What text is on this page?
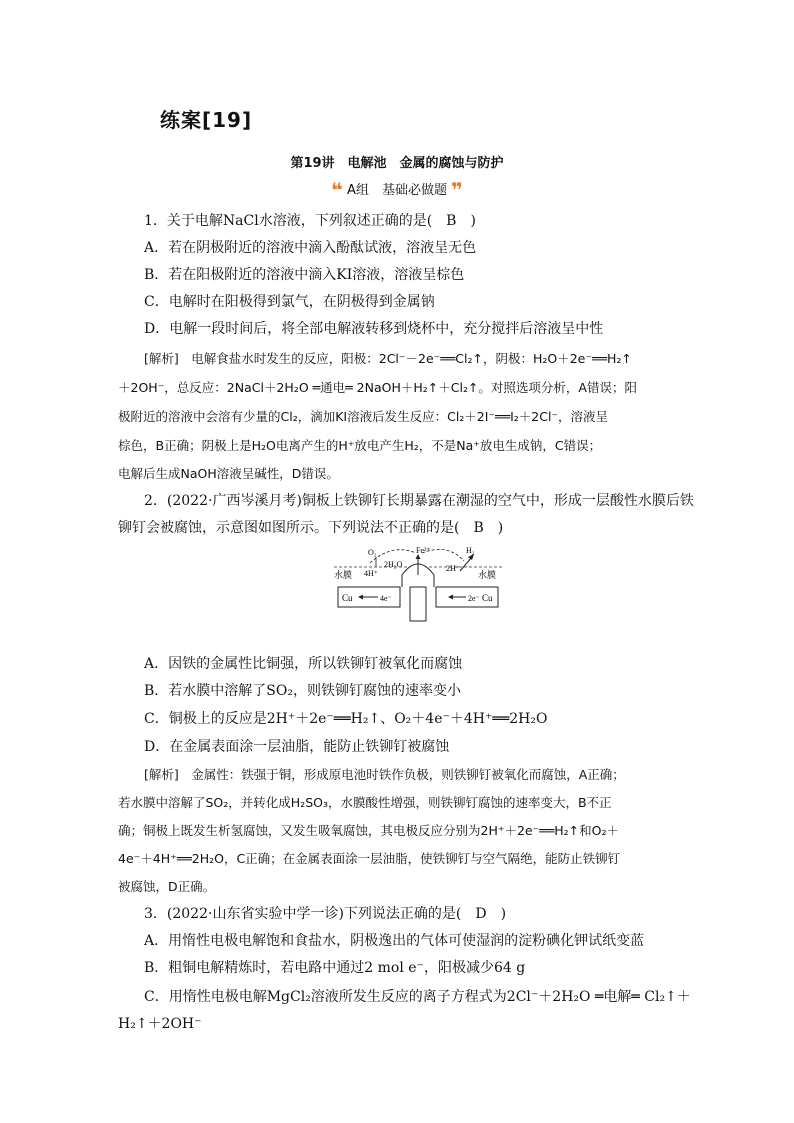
练案[19]
第19讲　电解池　金属的腐蚀与防护
❝ A组　基础必做题 ❞
1．关于电解NaCl水溶液，下列叙述正确的是(　B　)
A．若在阴极附近的溶液中滴入酚酞试液，溶液呈无色
B．若在阳极附近的溶液中滴入KI溶液，溶液呈棕色
C．电解时在阳极得到氯气，在阴极得到金属钠
D．电解一段时间后，将全部电解液转移到烧杯中，充分搅拌后溶液呈中性
[解析]　电解食盐水时发生的反应，阳极：2Cl⁻－2e⁻══Cl₂↑，阴极：H₂O＋2e⁻══H₂↑
＋2OH⁻，总反应：2NaCl＋2H₂O ═通电═ 2NaOH＋H₂↑＋Cl₂↑。对照选项分析，A错误；阳
极附近的溶液中会溶有少量的Cl₂，滴加KI溶液后发生反应：Cl₂＋2I⁻══I₂＋2Cl⁻，溶液呈
棕色，B正确；阴极上是H₂O电离产生的H⁺放电产生H₂，不是Na⁺放电生成钠，C错误；
电解后生成NaOH溶液呈碱性，D错误。
2．(2022·广西岑溪月考)铜板上铁铆钉长期暴露在潮湿的空气中，形成一层酸性水膜后铁
铆钉会被腐蚀，示意图如图所示。下列说法不正确的是(　B　)
O₂
4H⁺
2H₂O
Fe²⁺
2H⁺
H₂
水膜	水膜
Cu	4e⁻	2e⁻ Cu
A．因铁的金属性比铜强，所以铁铆钉被氧化而腐蚀
B．若水膜中溶解了SO₂，则铁铆钉腐蚀的速率变小
C．铜极上的反应是2H⁺＋2e⁻══H₂↑、O₂＋4e⁻＋4H⁺══2H₂O
D．在金属表面涂一层油脂，能防止铁铆钉被腐蚀
[解析]　金属性：铁强于铜，形成原电池时铁作负极，则铁铆钉被氧化而腐蚀，A正确；
若水膜中溶解了SO₂，并转化成H₂SO₃，水膜酸性增强，则铁铆钉腐蚀的速率变大，B不正
确；铜极上既发生析氢腐蚀，又发生吸氧腐蚀，其电极反应分别为2H⁺＋2e⁻══H₂↑和O₂＋
4e⁻＋4H⁺══2H₂O，C正确；在金属表面涂一层油脂，使铁铆钉与空气隔绝，能防止铁铆钉
被腐蚀，D正确。
3．(2022·山东省实验中学一诊)下列说法正确的是(　D　)
A．用惰性电极电解饱和食盐水，阴极逸出的气体可使湿润的淀粉碘化钾试纸变蓝
B．粗铜电解精炼时，若电路中通过2 mol e⁻，阳极减少64 g
C．用惰性电极电解MgCl₂溶液所发生反应的离子方程式为2Cl⁻＋2H₂O ═电解═ Cl₂↑＋
H₂↑＋2OH⁻
